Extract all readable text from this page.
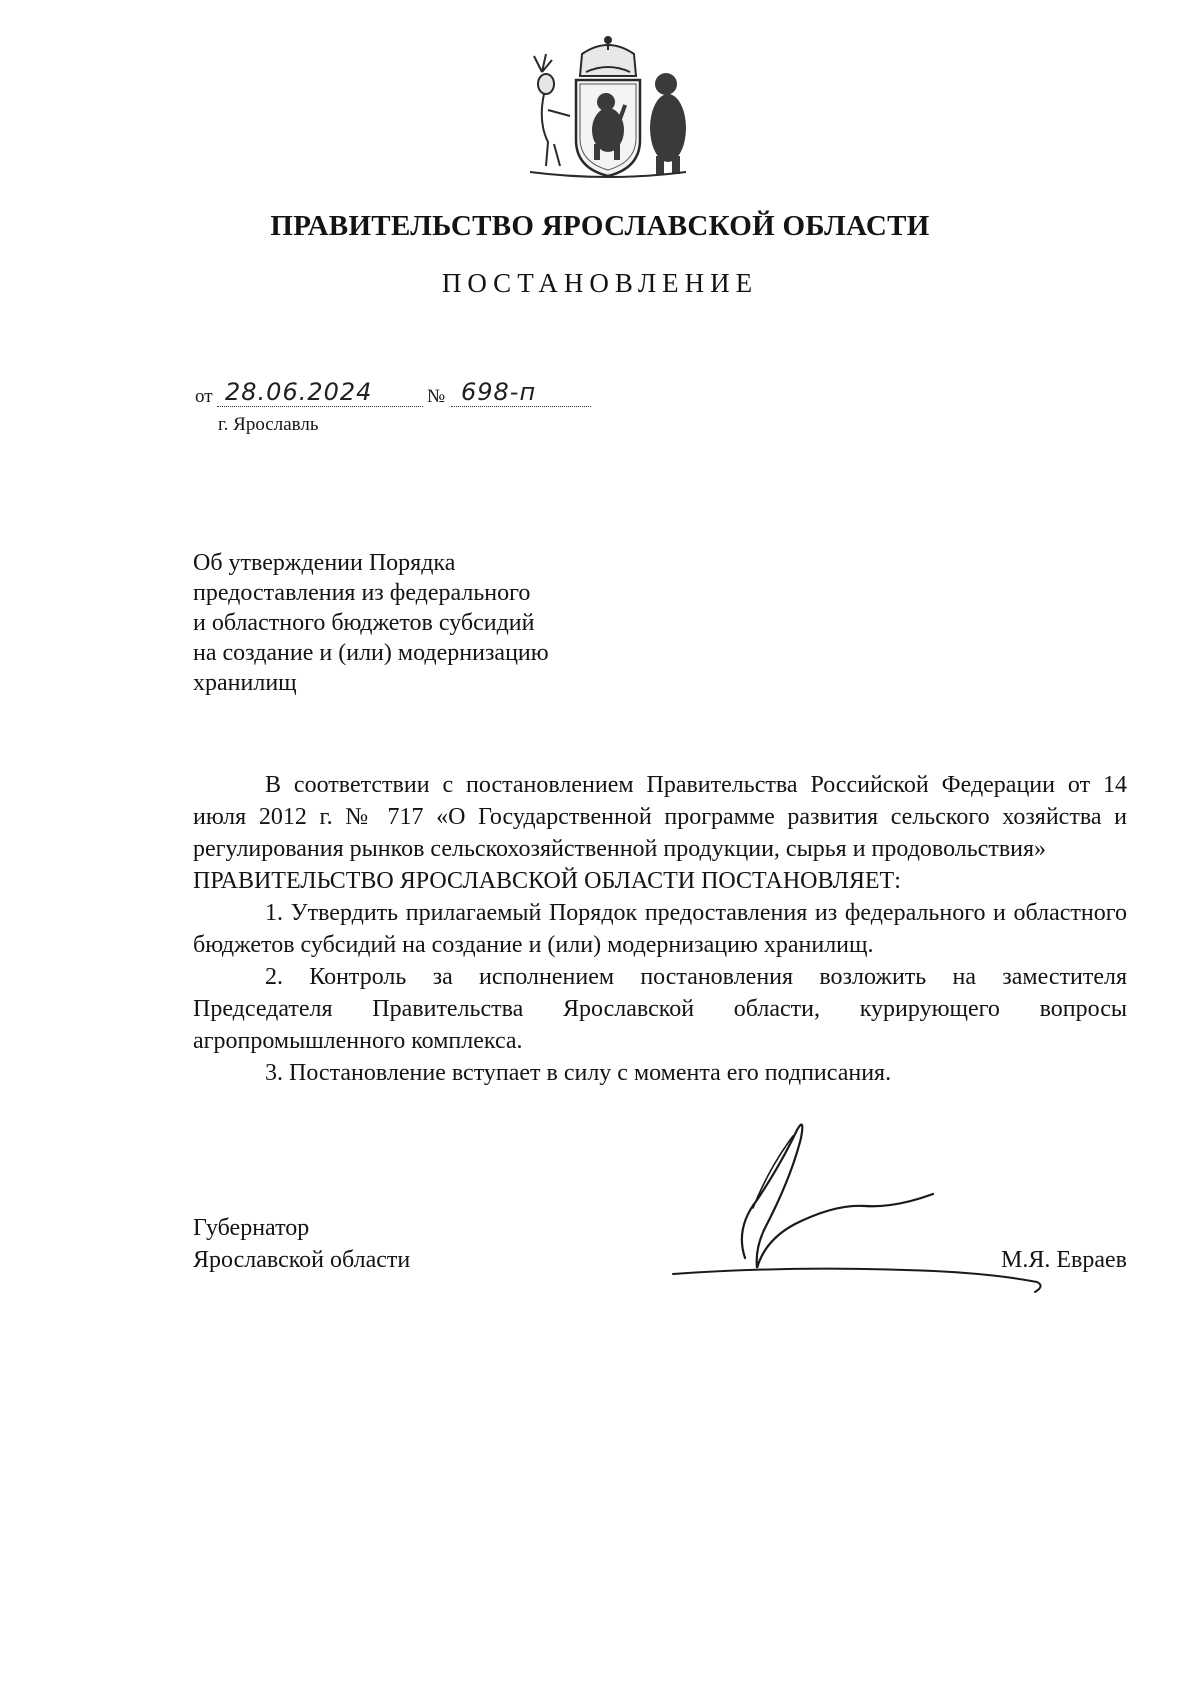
ПРАВИТЕЛЬСТВО ЯРОСЛАВСКОЙ ОБЛАСТИ
ПОСТАНОВЛЕНИЕ
от 28.06.2024	№ 698-п
г. Ярославль
Об утверждении Порядка
предоставления из федерального
и областного бюджетов субсидий
на создание и (или) модернизацию
хранилищ

В соответствии с постановлением Правительства Российской Федерации от 14 июля 2012 г. № 717 «О Государственной программе развития сельского хозяйства и регулирования рынков сельскохозяйственной продукции, сырья и продовольствия»

ПРАВИТЕЛЬСТВО ЯРОСЛАВСКОЙ ОБЛАСТИ ПОСТАНОВЛЯЕТ:

1. Утвердить прилагаемый Порядок предоставления из федерального и областного бюджетов субсидий на создание и (или) модернизацию хранилищ.

2. Контроль за исполнением постановления возложить на заместителя Председателя Правительства Ярославской области, курирующего вопросы агропромышленного комплекса.

3. Постановление вступает в силу с момента его подписания.

Губернатор
Ярославской области	М.Я. Евраев
